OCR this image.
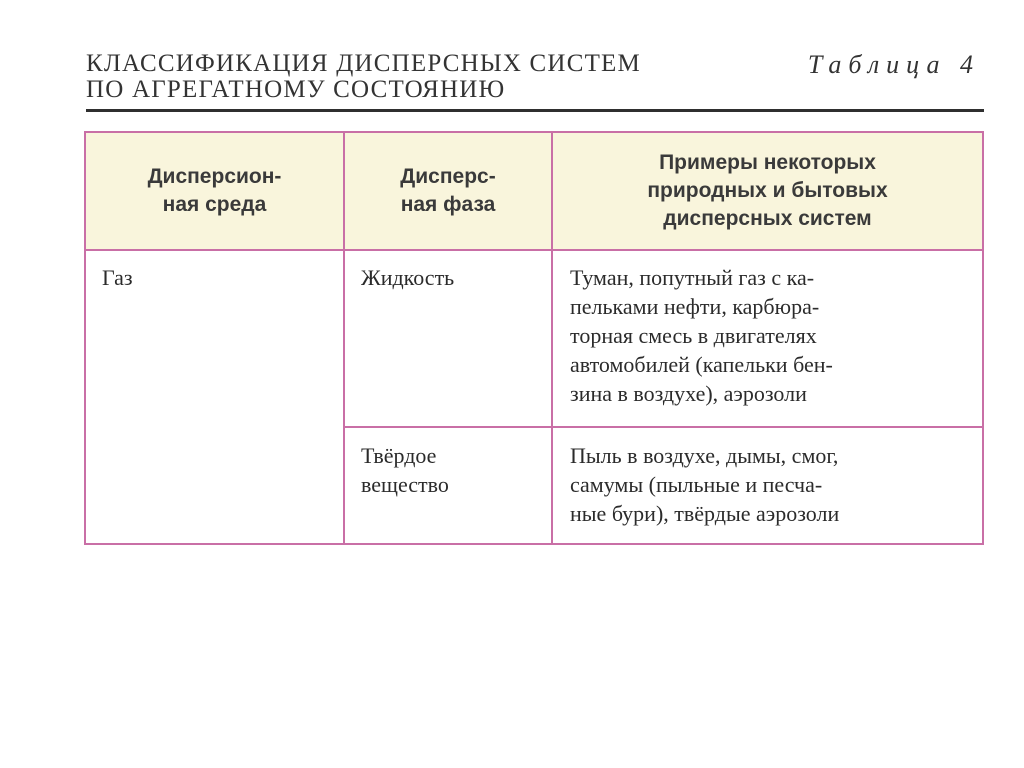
КЛАССИФИКАЦИЯ ДИСПЕРСНЫХ СИСТЕМ
ПО АГРЕГАТНОМУ СОСТОЯНИЮ
Таблица 4
Дисперсион-
ная среда
Дисперс-
ная фаза
Примеры некоторых
природных и бытовых
дисперсных систем
Газ	Жидкость	Туман, попутный газ с ка-
пельками нефти, карбюра-
торная смесь в двигателях
автомобилей (капельки бен-
зина в воздухе), аэрозоли
Твёрдое
вещество
Пыль в воздухе, дымы, смог,
самумы (пыльные и песча-
ные бури), твёрдые аэрозоли
